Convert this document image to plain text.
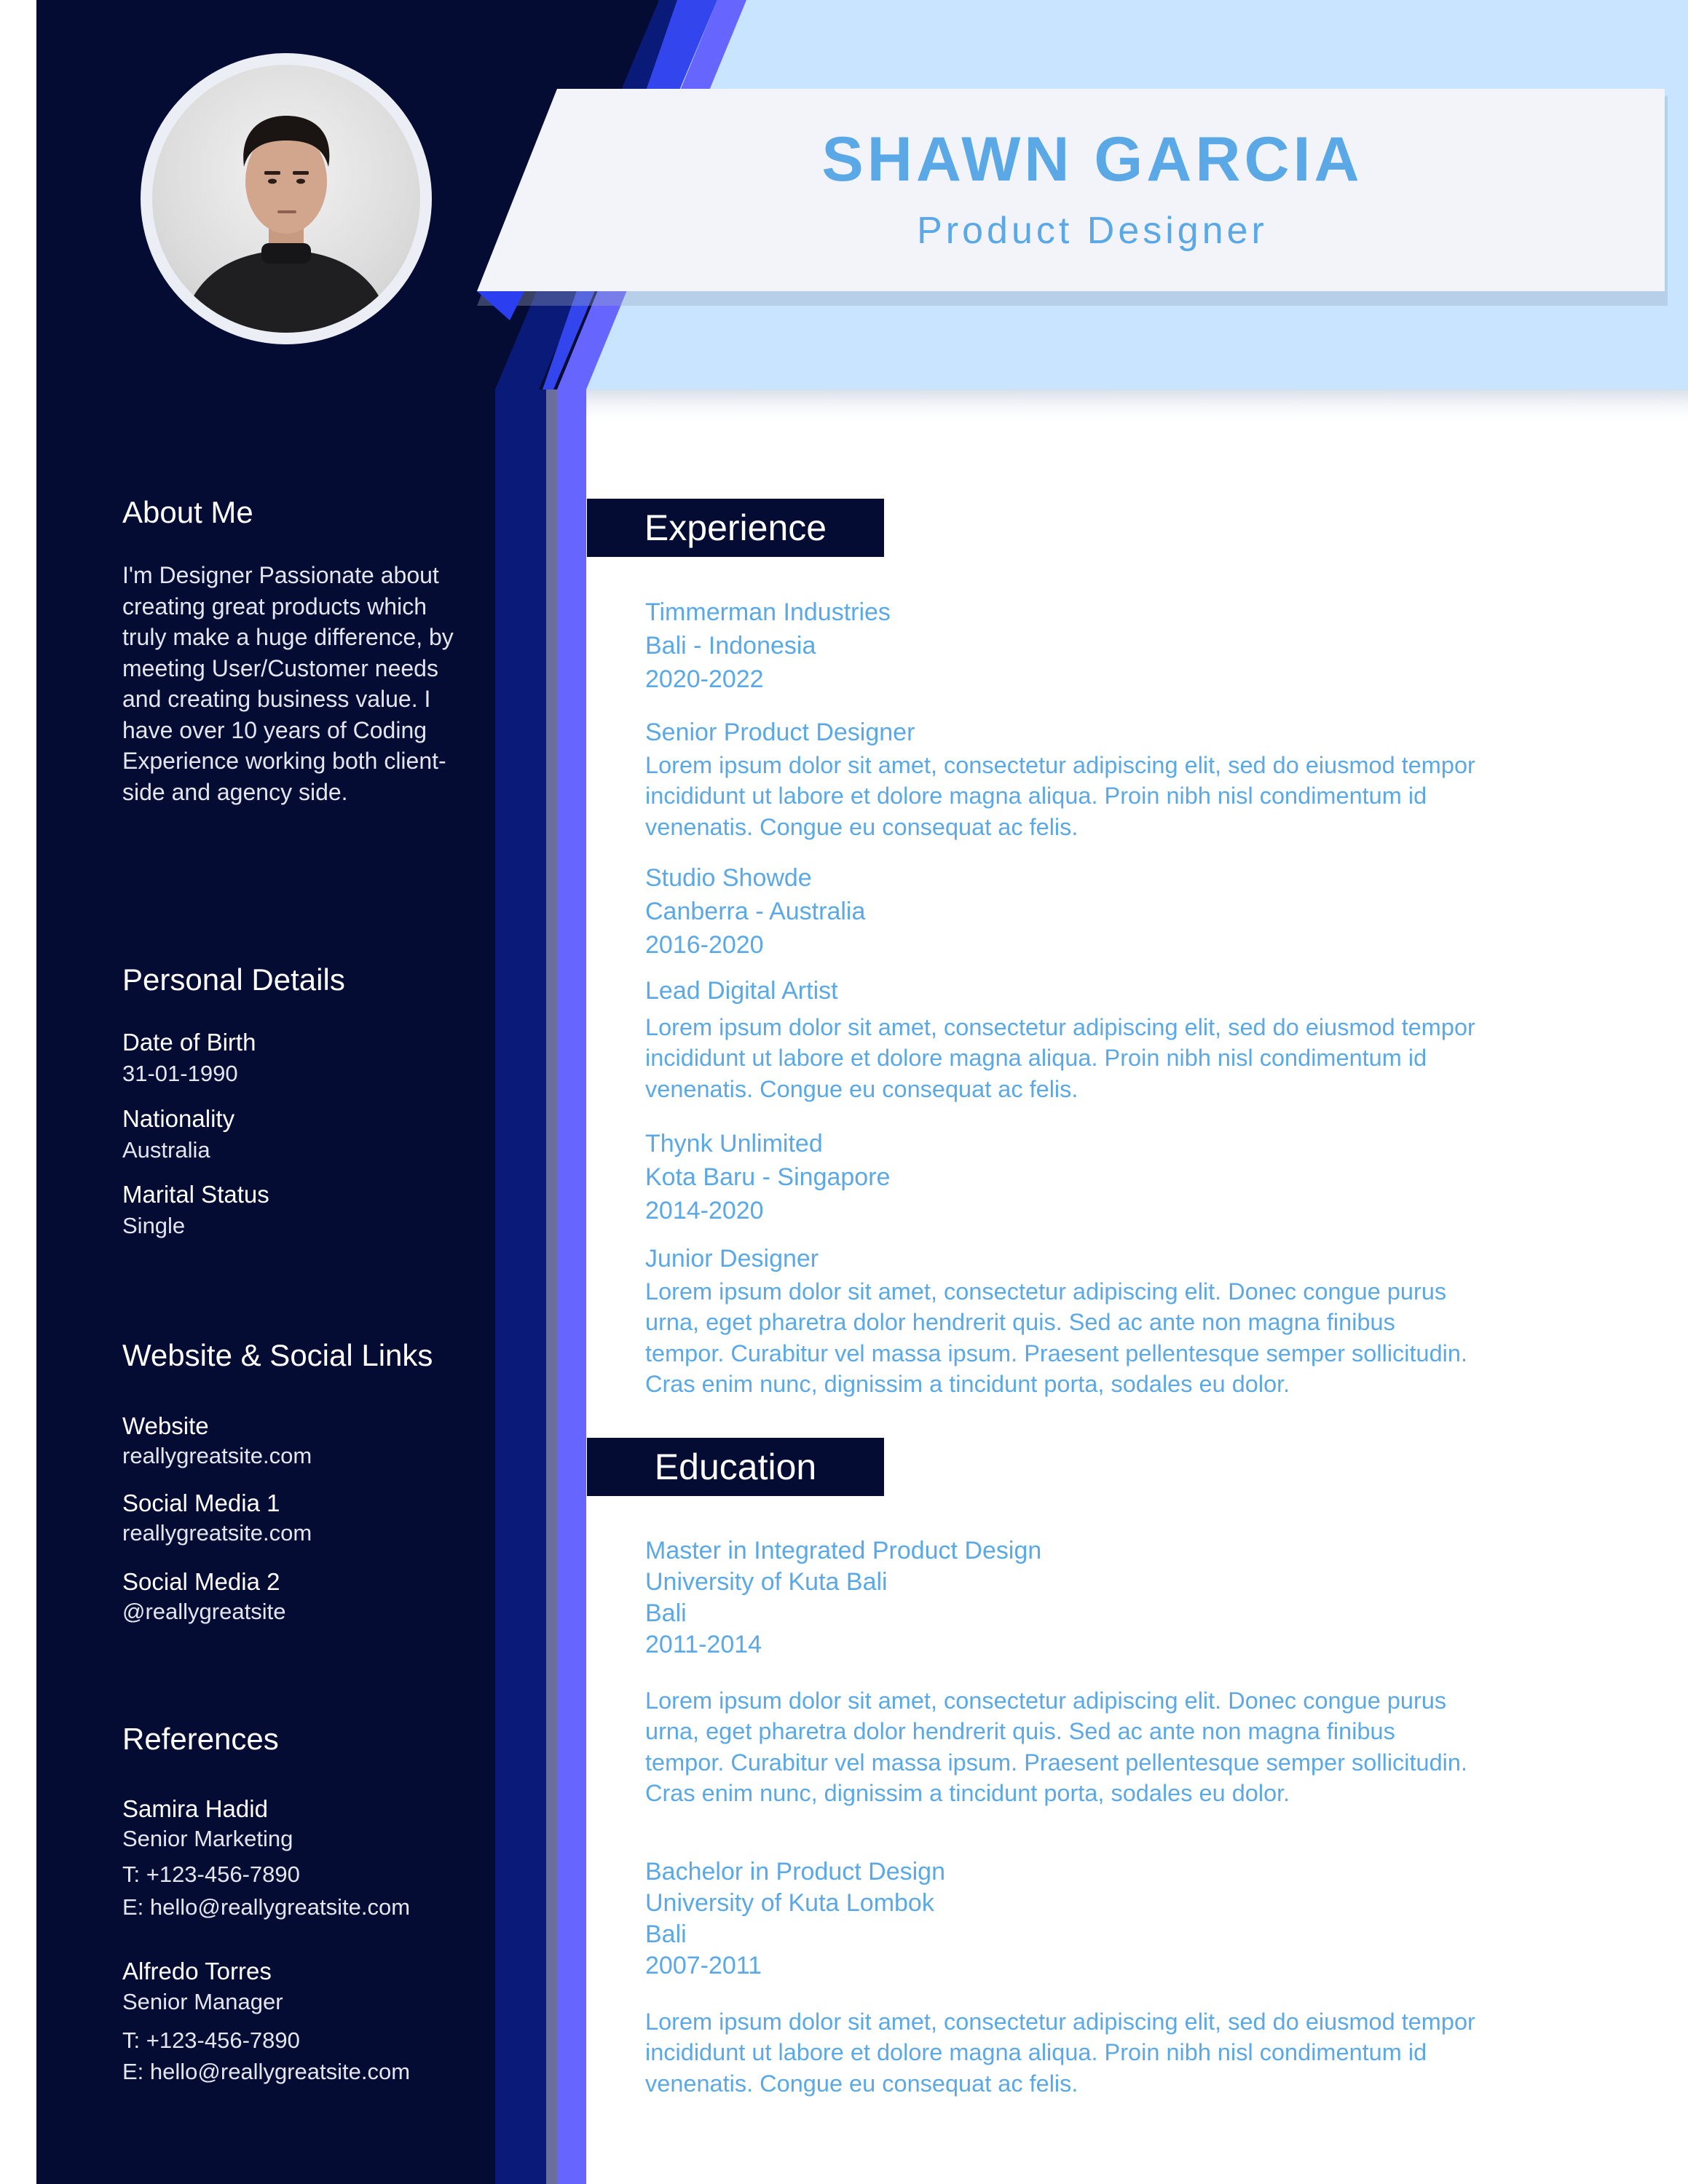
SHAWN GARCIA

Product Designer

About Me

I'm Designer Passionate about creating great products which truly make a huge difference, by meeting User/Customer needs and creating business value. I have over 10 years of Coding Experience working both client-side and agency side.

Personal Details

Date of Birth

31-01-1990

Nationality

Australia

Marital Status

Single

Website & Social Links

Website

reallygreatsite.com

Social Media 1

reallygreatsite.com

Social Media 2

@reallygreatsite

References

Samira Hadid

Senior Marketing

T: +123-456-7890

E: hello@reallygreatsite.com

Alfredo Torres

Senior Manager

T: +123-456-7890

E: hello@reallygreatsite.com

Experience

Timmerman Industries

Bali - Indonesia

2020-2022

Senior Product Designer

Lorem ipsum dolor sit amet, consectetur adipiscing elit, sed do eiusmod tempor

incididunt ut labore et dolore magna aliqua. Proin nibh nisl condimentum id

venenatis. Congue eu consequat ac felis.

Studio Showde

Canberra - Australia

2016-2020

Lead Digital Artist

Lorem ipsum dolor sit amet, consectetur adipiscing elit, sed do eiusmod tempor

incididunt ut labore et dolore magna aliqua. Proin nibh nisl condimentum id

venenatis. Congue eu consequat ac felis.

Thynk Unlimited

Kota Baru - Singapore

2014-2020

Junior Designer

Lorem ipsum dolor sit amet, consectetur adipiscing elit. Donec congue purus

urna, eget pharetra dolor hendrerit quis. Sed ac ante non magna finibus

tempor. Curabitur vel massa ipsum. Praesent pellentesque semper sollicitudin.

Cras enim nunc, dignissim a tincidunt porta, sodales eu dolor.

Education

Master in Integrated Product Design

University of Kuta Bali

Bali

2011-2014

Lorem ipsum dolor sit amet, consectetur adipiscing elit. Donec congue purus

urna, eget pharetra dolor hendrerit quis. Sed ac ante non magna finibus

tempor. Curabitur vel massa ipsum. Praesent pellentesque semper sollicitudin.

Cras enim nunc, dignissim a tincidunt porta, sodales eu dolor.

Bachelor in Product Design

University of Kuta Lombok

Bali

2007-2011

Lorem ipsum dolor sit amet, consectetur adipiscing elit, sed do eiusmod tempor

incididunt ut labore et dolore magna aliqua. Proin nibh nisl condimentum id

venenatis. Congue eu consequat ac felis.
